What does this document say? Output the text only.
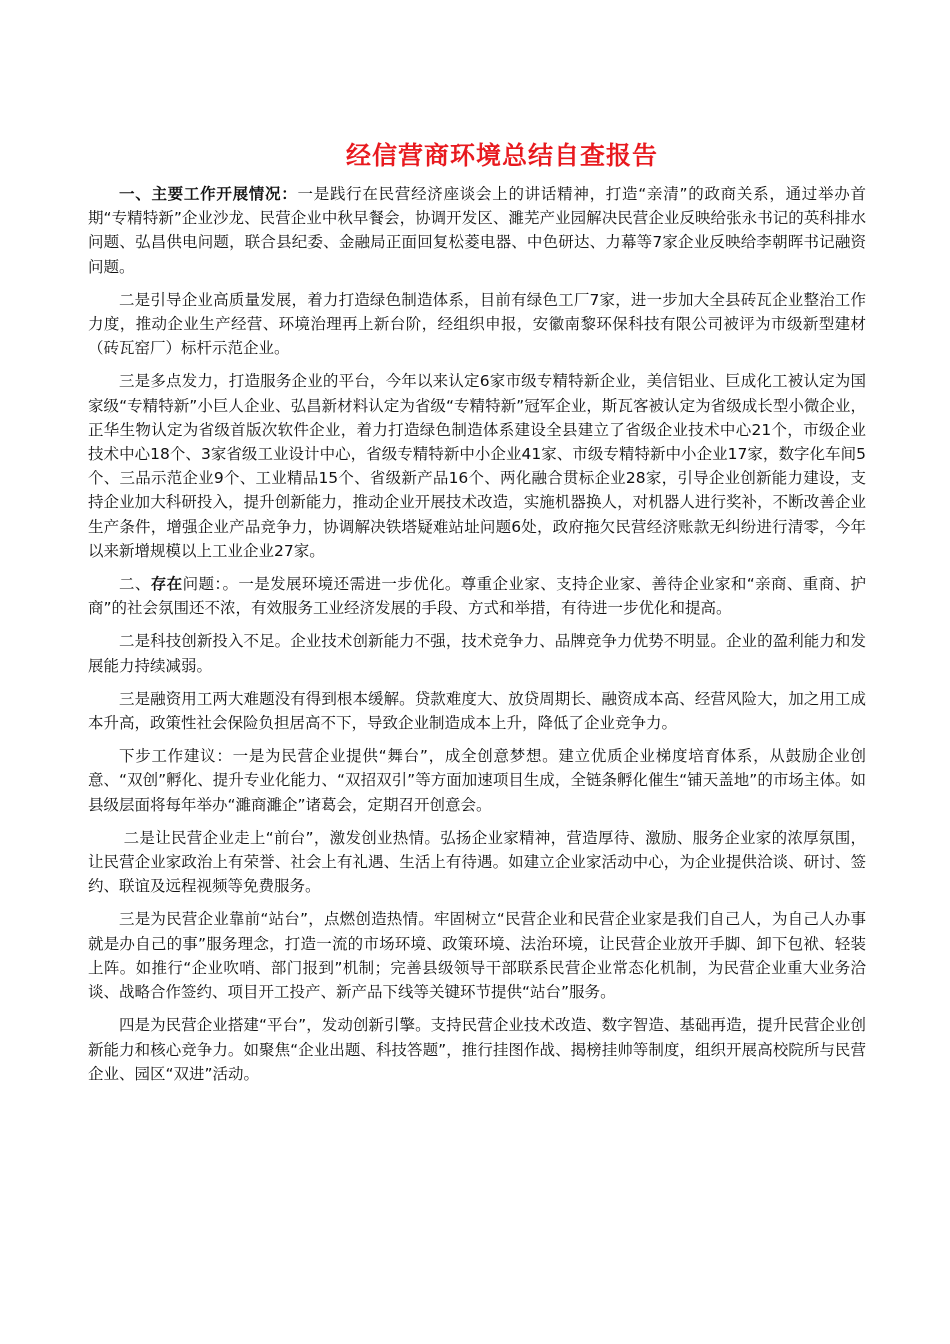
经信营商环境总结自查报告

一、主要工作开展情况：一是践行在民营经济座谈会上的讲话精神，打造“亲清”的政商关系，通过举办首期“专精特新”企业沙龙、民营企业中秋早餐会，协调开发区、濉芜产业园解决民营企业反映给张永书记的英科排水问题、弘昌供电问题，联合县纪委、金融局正面回复松菱电器、中色研达、力幕等7家企业反映给李朝晖书记融资问题。

二是引导企业高质量发展，着力打造绿色制造体系，目前有绿色工厂7家，进一步加大全县砖瓦企业整治工作力度，推动企业生产经营、环境治理再上新台阶，经组织申报，安徽南黎环保科技有限公司被评为市级新型建材（砖瓦窑厂）标杆示范企业。

三是多点发力，打造服务企业的平台，今年以来认定6家市级专精特新企业，美信铝业、巨成化工被认定为国家级“专精特新”小巨人企业、弘昌新材料认定为省级“专精特新”冠军企业，斯瓦客被认定为省级成长型小微企业，正华生物认定为省级首版次软件企业，着力打造绿色制造体系建设全县建立了省级企业技术中心21个，市级企业技术中心18个、3家省级工业设计中心，省级专精特新中小企业41家、市级专精特新中小企业17家，数字化车间5个、三品示范企业9个、工业精品15个、省级新产品16个、两化融合贯标企业28家，引导企业创新能力建设，支持企业加大科研投入，提升创新能力，推动企业开展技术改造，实施机器换人，对机器人进行奖补，不断改善企业生产条件，增强企业产品竞争力，协调解决铁塔疑难站址问题6处，政府拖欠民营经济账款无纠纷进行清零，今年以来新增规模以上工业企业27家。

二、存在问题：。一是发展环境还需进一步优化。尊重企业家、支持企业家、善待企业家和“亲商、重商、护商”的社会氛围还不浓，有效服务工业经济发展的手段、方式和举措，有待进一步优化和提高。

二是科技创新投入不足。企业技术创新能力不强，技术竞争力、品牌竞争力优势不明显。企业的盈利能力和发展能力持续减弱。

三是融资用工两大难题没有得到根本缓解。贷款难度大、放贷周期长、融资成本高、经营风险大，加之用工成本升高，政策性社会保险负担居高不下，导致企业制造成本上升，降低了企业竞争力。

下步工作建议：一是为民营企业提供“舞台”，成全创意梦想。建立优质企业梯度培育体系，从鼓励企业创意、“双创”孵化、提升专业化能力、“双招双引”等方面加速项目生成，全链条孵化催生“铺天盖地”的市场主体。如县级层面将每年举办“濉商濉企”诸葛会，定期召开创意会。

二是让民营企业走上“前台”，激发创业热情。弘扬企业家精神，营造厚待、激励、服务企业家的浓厚氛围，让民营企业家政治上有荣誉、社会上有礼遇、生活上有待遇。如建立企业家活动中心，为企业提供洽谈、研讨、签约、联谊及远程视频等免费服务。

三是为民营企业靠前“站台”，点燃创造热情。牢固树立“民营企业和民营企业家是我们自己人，为自己人办事就是办自己的事”服务理念，打造一流的市场环境、政策环境、法治环境，让民营企业放开手脚、卸下包袱、轻装上阵。如推行“企业吹哨、部门报到”机制；完善县级领导干部联系民营企业常态化机制，为民营企业重大业务洽谈、战略合作签约、项目开工投产、新产品下线等关键环节提供“站台”服务。

四是为民营企业搭建“平台”，发动创新引擎。支持民营企业技术改造、数字智造、基础再造，提升民营企业创新能力和核心竞争力。如聚焦“企业出题、科技答题”，推行挂图作战、揭榜挂帅等制度，组织开展高校院所与民营企业、园区“双进”活动。
